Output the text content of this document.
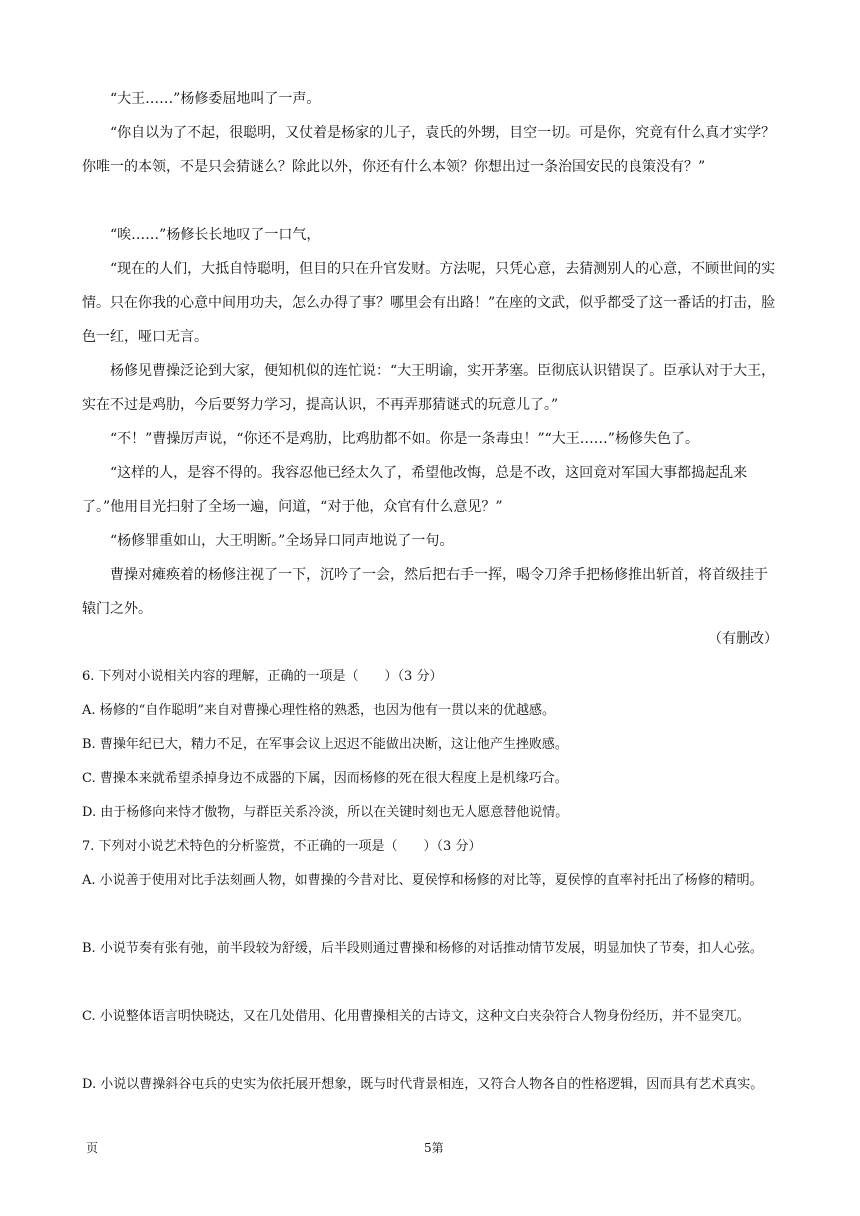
“大王……”杨修委屈地叫了一声。

“你自以为了不起，很聪明，又仗着是杨家的儿子，袁氏的外甥，目空一切。可是你，究竟有什么真才实学？你唯一的本领，不是只会猜谜么？除此以外，你还有什么本领？你想出过一条治国安民的良策没有？”

“唉……”杨修长长地叹了一口气，

“现在的人们，大抵自恃聪明，但目的只在升官发财。方法呢，只凭心意，去猜测别人的心意，不顾世间的实情。只在你我的心意中间用功夫，怎么办得了事？哪里会有出路！”在座的文武，似乎都受了这一番话的打击，脸色一红，哑口无言。

杨修见曹操泛论到大家，便知机似的连忙说：“大王明谕，实开茅塞。臣彻底认识错误了。臣承认对于大王，实在不过是鸡肋，今后要努力学习，提高认识，不再弄那猜谜式的玩意儿了。”

“不！”曹操厉声说，“你还不是鸡肋，比鸡肋都不如。你是一条毒虫！”“大王……”杨修失色了。

“这样的人，是容不得的。我容忍他已经太久了，希望他改悔，总是不改，这回竟对军国大事都捣起乱来了。”他用目光扫射了全场一遍，问道，“对于他，众官有什么意见？”

“杨修罪重如山，大王明断。”全场异口同声地说了一句。

曹操对瘫痪着的杨修注视了一下，沉吟了一会，然后把右手一挥，喝令刀斧手把杨修推出斩首，将首级挂于辕门之外。

（有删改）

6. 下列对小说相关内容的理解，正确的一项是（　　）（3 分）

A. 杨修的“自作聪明”来自对曹操心理性格的熟悉，也因为他有一贯以来的优越感。

B. 曹操年纪已大，精力不足，在军事会议上迟迟不能做出决断，这让他产生挫败感。

C. 曹操本来就希望杀掉身边不成器的下属，因而杨修的死在很大程度上是机缘巧合。

D. 由于杨修向来恃才傲物，与群臣关系冷淡，所以在关键时刻也无人愿意替他说情。

7. 下列对小说艺术特色的分析鉴赏，不正确的一项是（　　）（3 分）

A. 小说善于使用对比手法刻画人物，如曹操的今昔对比、夏侯惇和杨修的对比等，夏侯惇的直率衬托出了杨修的精明。

B. 小说节奏有张有弛，前半段较为舒缓，后半段则通过曹操和杨修的对话推动情节发展，明显加快了节奏，扣人心弦。

C. 小说整体语言明快晓达，又在几处借用、化用曹操相关的古诗文，这种文白夹杂符合人物身份经历，并不显突兀。

D. 小说以曹操斜谷屯兵的史实为依托展开想象，既与时代背景相连，又符合人物各自的性格逻辑，因而具有艺术真实。

页	5第
